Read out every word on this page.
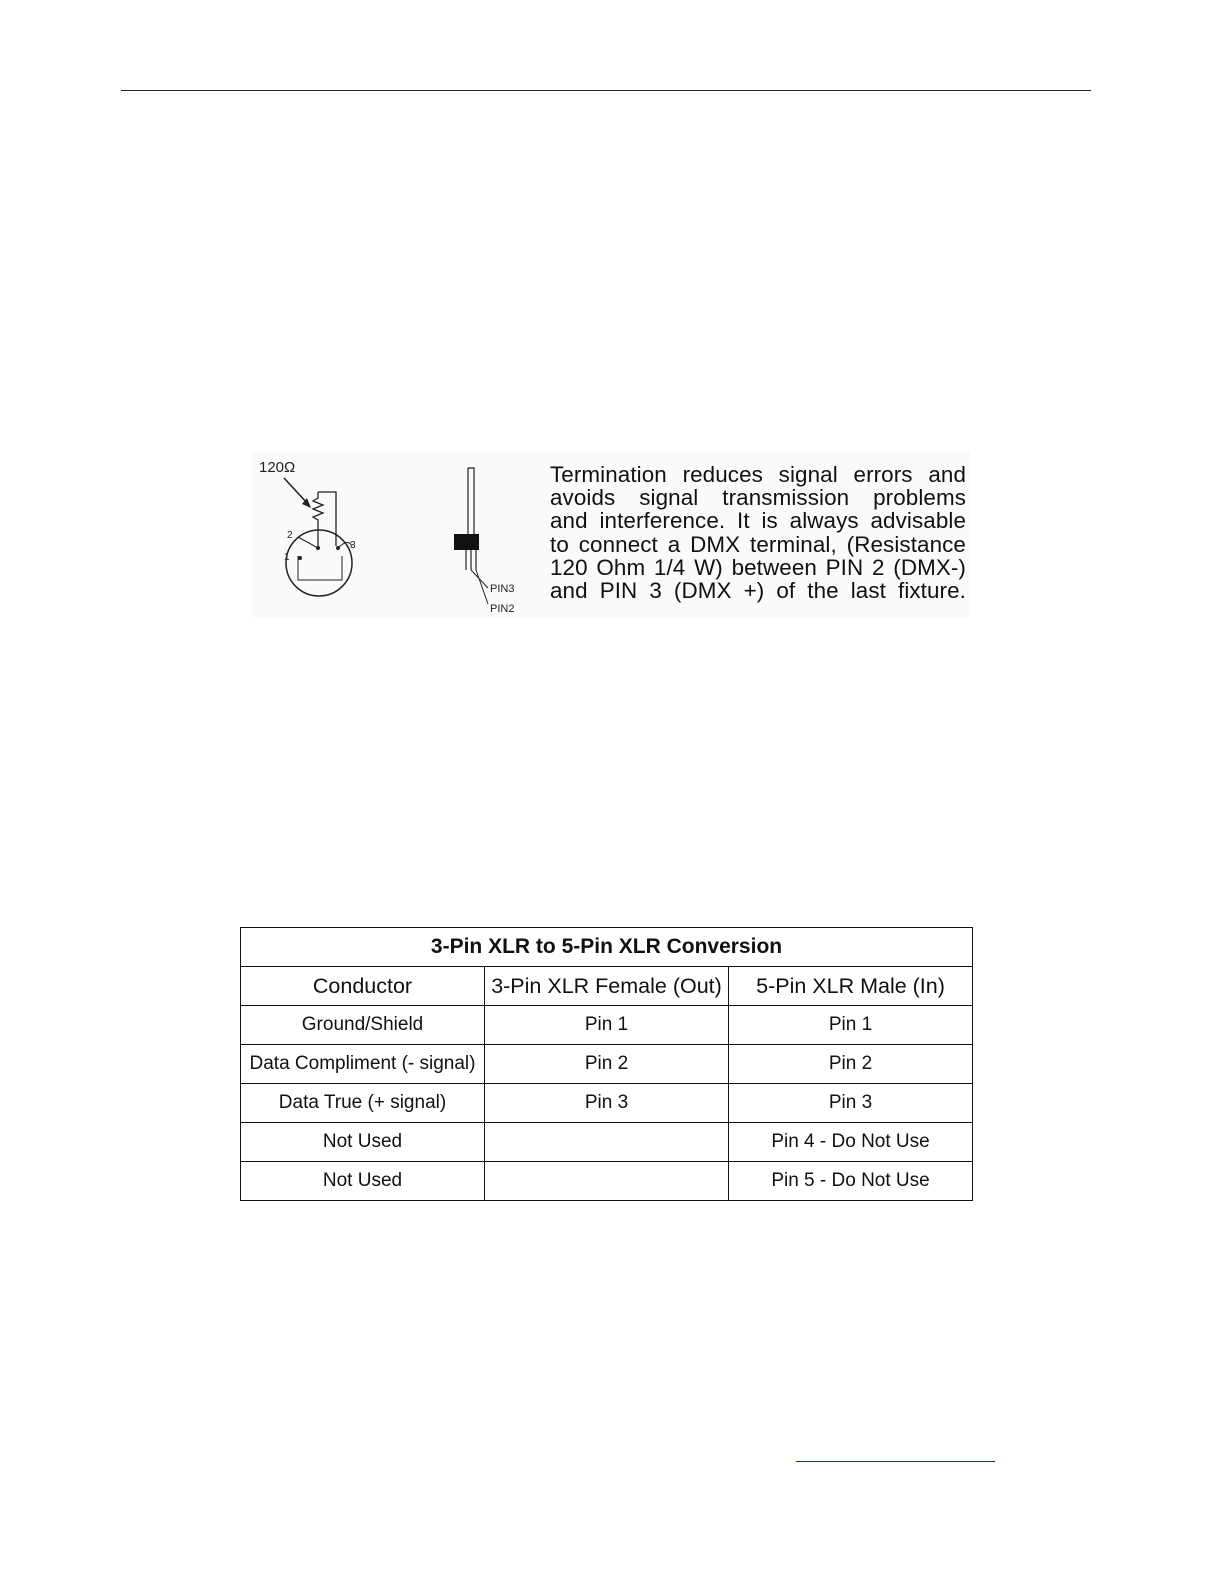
120Ω
1
2
3
PIN3
PIN2
Termination reduces signal errors and
avoids signal transmission problems
and interference. It is always advisable
to connect a DMX terminal, (Resistance
120 Ohm 1/4 W) between PIN 2 (DMX-)
and PIN 3 (DMX +) of the last fixture.
3-Pin XLR to 5-Pin XLR Conversion		
Conductor	3-Pin XLR Female (Out)	5-Pin XLR Male (In)
Ground/Shield	Pin 1	Pin 1
Data Compliment (- signal)	Pin 2	Pin 2
Data True (+ signal)	Pin 3	Pin 3
Not Used		Pin 4 - Do Not Use
Not Used		Pin 5 - Do Not Use
